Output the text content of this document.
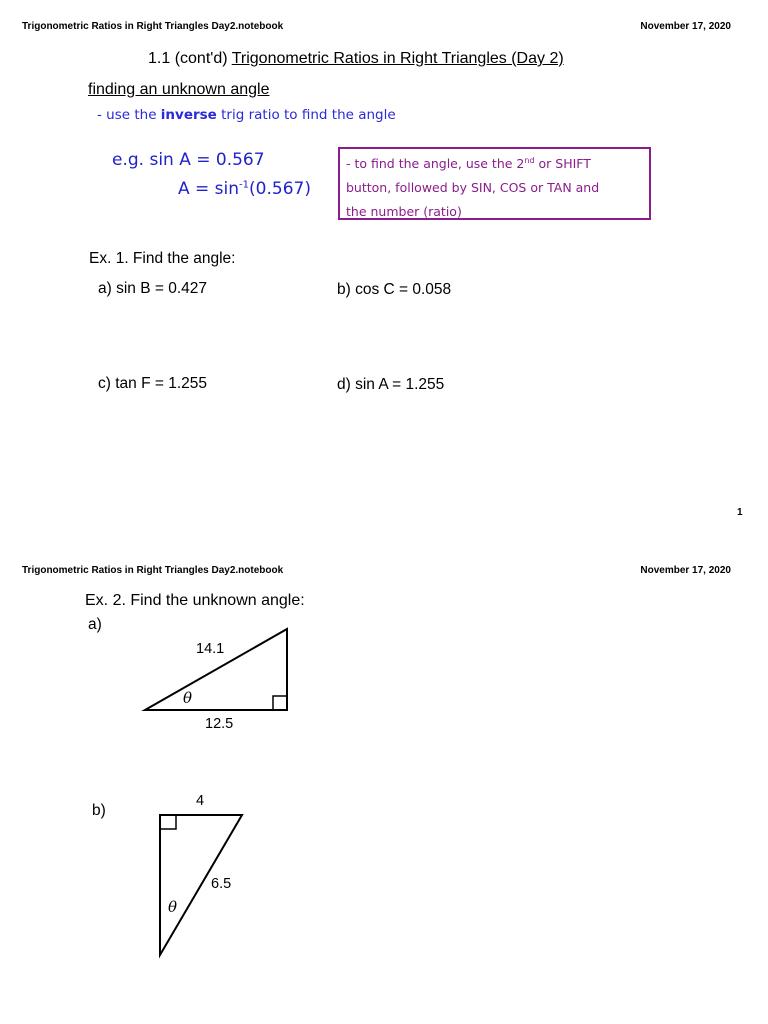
Trigonometric Ratios in Right Triangles Day2.notebook	November 17, 2020
1.1 (cont'd) Trigonometric Ratios in Right Triangles (Day 2)
finding an unknown angle
- use the inverse trig ratio to find the angle
e.g. sin A = 0.567
$A = \sin^{-1}(0.567)$
- to find the angle, use the 2nd or SHIFT
button, followed by SIN, COS or TAN and
the number (ratio)
Ex. 1. Find the angle:
a) sin B = 0.427	b) cos C = 0.058
c) tan F = 1.255	d) sin A = 1.255
1
Trigonometric Ratios in Right Triangles Day2.notebook	November 17, 2020
Ex. 2. Find the unknown angle:
a)
14.1
θ
12.5
b)
4
6.5
θ
